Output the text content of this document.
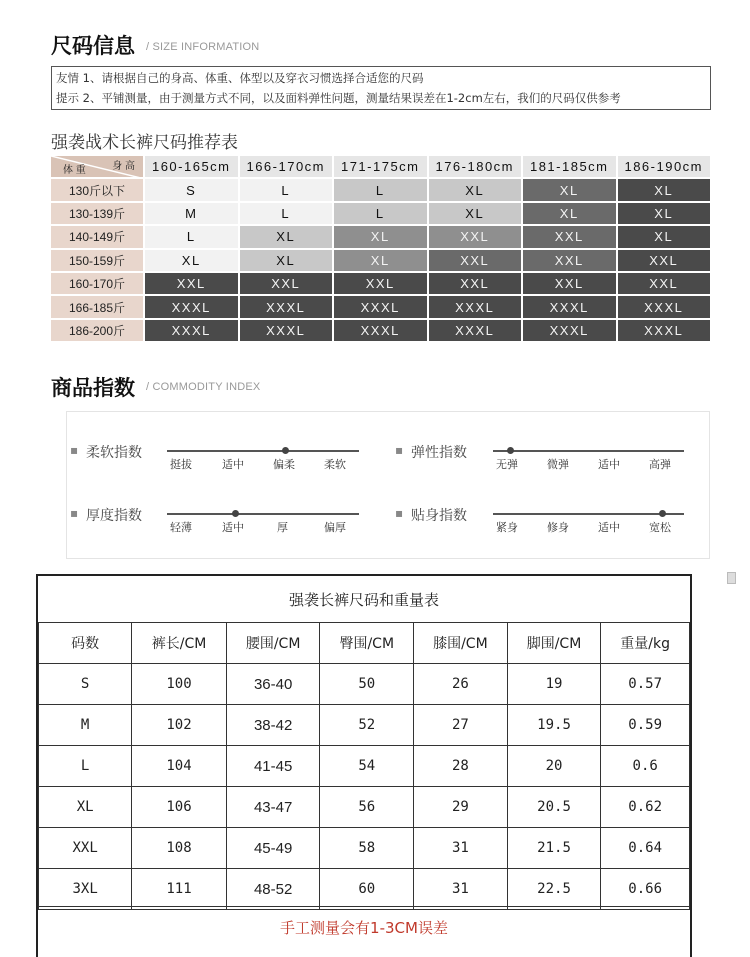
尺码信息 / SIZE INFORMATION
友情 1、请根据自己的身高、体重、体型以及穿衣习惯选择合适您的尺码
提示 2、平铺测量，由于测量方式不同，以及面料弹性问题，测量结果误差在1-2cm左右，我们的尺码仅供参考
强袭战术长裤尺码推荐表
身 高
体 重	160-165cm	166-170cm	171-175cm	176-180cm	181-185cm	186-190cm
130斤以下	S	L	L	XL	XL	XL
130-139斤	M	L	L	XL	XL	XL
140-149斤	L	XL	XL	XXL	XXL	XL
150-159斤	XL	XL	XL	XXL	XXL	XXL
160-170斤	XXL	XXL	XXL	XXL	XXL	XXL
166-185斤	XXXL	XXXL	XXXL	XXXL	XXXL	XXXL
186-200斤	XXXL	XXXL	XXXL	XXXL	XXXL	XXXL
商品指数 / COMMODITY INDEX
▪ 柔软指数
挺拔	适中	偏柔	柔软
▪ 弹性指数
无弹	微弹	适中	高弹
▪ 厚度指数
轻薄	适中	厚	偏厚
▪ 贴身指数
紧身	修身	适中	宽松
强袭长裤尺码和重量表
码数	裤长/CM	腰围/CM	臀围/CM	膝围/CM	脚围/CM	重量/kg
S	100	36-40	50	26	19	0.57
M	102	38-42	52	27	19.5	0.59
L	104	41-45	54	28	20	0.6
XL	106	43-47	56	29	20.5	0.62
XXL	108	45-49	58	31	21.5	0.64
3XL	111	48-52	60	31	22.5	0.66
手工测量会有1-3CM误差
